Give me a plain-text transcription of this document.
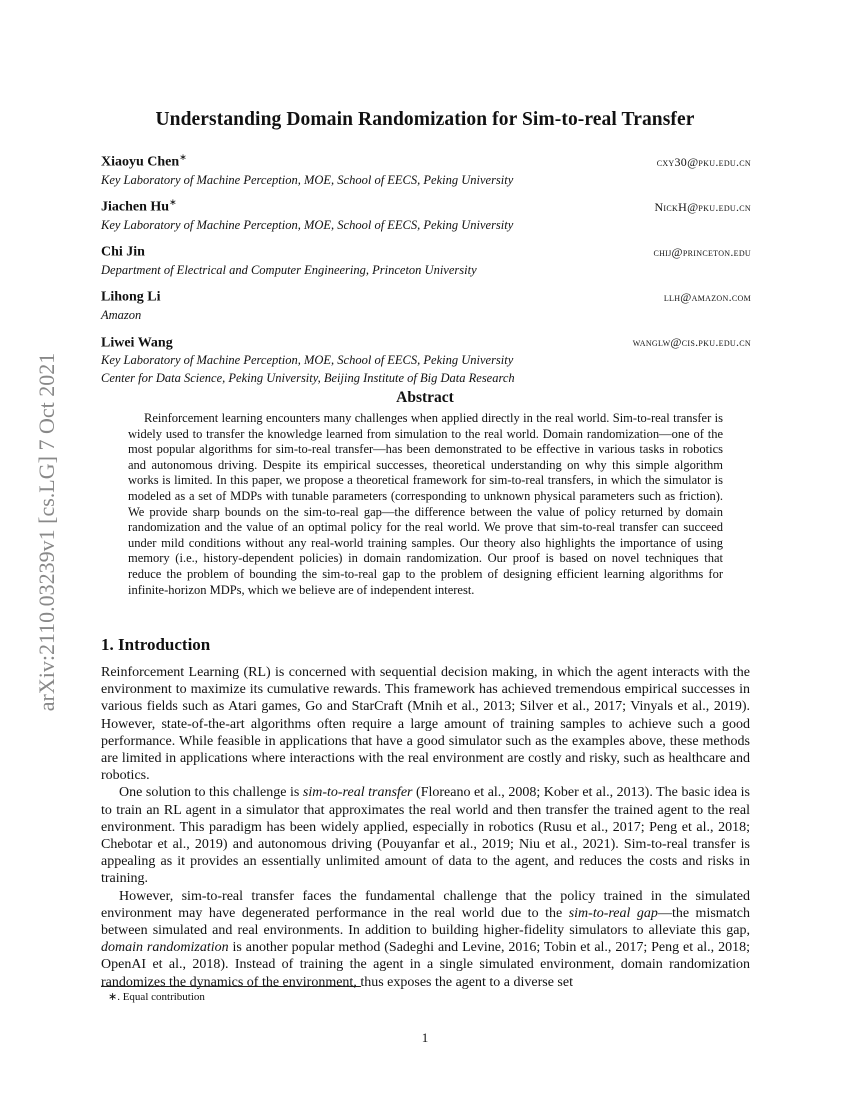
arXiv:2110.03239v1 [cs.LG] 7 Oct 2021
Understanding Domain Randomization for Sim-to-real Transfer
Xiaoyu Chen∗	cxy30@pku.edu.cn
Key Laboratory of Machine Perception, MOE, School of EECS, Peking University
Jiachen Hu∗	NickH@pku.edu.cn
Key Laboratory of Machine Perception, MOE, School of EECS, Peking University
Chi Jin	chij@princeton.edu
Department of Electrical and Computer Engineering, Princeton University
Lihong Li	llh@amazon.com
Amazon
Liwei Wang	wanglw@cis.pku.edu.cn
Key Laboratory of Machine Perception, MOE, School of EECS, Peking University
Center for Data Science, Peking University, Beijing Institute of Big Data Research
Abstract
Reinforcement learning encounters many challenges when applied directly in the real world. Sim-to-real transfer is widely used to transfer the knowledge learned from simulation to the real world. Domain randomization—one of the most popular algorithms for sim-to-real transfer—has been demonstrated to be effective in various tasks in robotics and autonomous driving. Despite its empirical successes, theoretical understanding on why this simple algorithm works is limited. In this paper, we propose a theoretical framework for sim-to-real transfers, in which the simulator is modeled as a set of MDPs with tunable parameters (corresponding to unknown physical parameters such as friction). We provide sharp bounds on the sim-to-real gap—the difference between the value of policy returned by domain randomization and the value of an optimal policy for the real world. We prove that sim-to-real transfer can succeed under mild conditions without any real-world training samples. Our theory also highlights the importance of using memory (i.e., history-dependent policies) in domain randomization. Our proof is based on novel techniques that reduce the problem of bounding the sim-to-real gap to the problem of designing efficient learning algorithms for infinite-horizon MDPs, which we believe are of independent interest.
1. Introduction

Reinforcement Learning (RL) is concerned with sequential decision making, in which the agent interacts with the environment to maximize its cumulative rewards. This framework has achieved tremendous empirical successes in various fields such as Atari games, Go and StarCraft (Mnih et al., 2013; Silver et al., 2017; Vinyals et al., 2019). However, state-of-the-art algorithms often require a large amount of training samples to achieve such a good performance. While feasible in applications that have a good simulator such as the examples above, these methods are limited in applications where interactions with the real environment are costly and risky, such as healthcare and robotics.

One solution to this challenge is sim-to-real transfer (Floreano et al., 2008; Kober et al., 2013). The basic idea is to train an RL agent in a simulator that approximates the real world and then transfer the trained agent to the real environment. This paradigm has been widely applied, especially in robotics (Rusu et al., 2017; Peng et al., 2018; Chebotar et al., 2019) and autonomous driving (Pouyanfar et al., 2019; Niu et al., 2021). Sim-to-real transfer is appealing as it provides an essentially unlimited amount of data to the agent, and reduces the costs and risks in training.

However, sim-to-real transfer faces the fundamental challenge that the policy trained in the simulated environment may have degenerated performance in the real world due to the sim-to-real gap—the mismatch between simulated and real environments. In addition to building higher-fidelity simulators to alleviate this gap, domain randomization is another popular method (Sadeghi and Levine, 2016; Tobin et al., 2017; Peng et al., 2018; OpenAI et al., 2018). Instead of training the agent in a single simulated environment, domain randomization randomizes the dynamics of the environment, thus exposes the agent to a diverse set

∗. Equal contribution
1
